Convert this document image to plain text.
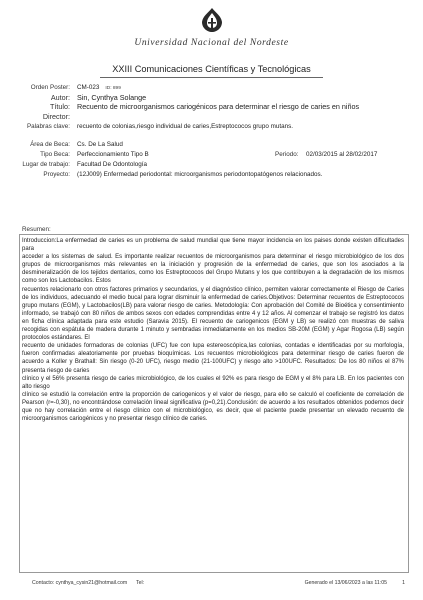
Universidad Nacional del Nordeste
XXIII Comunicaciones Científicas y Tecnológicas
Orden Poster: CM-023 ID: 899
Autor: Sin, Cynthya Solange
Título: Recuento de microorganismos cariogénicos para determinar el riesgo de caries en niños
Director:
Palabras clave: recuento de colonias,riesgo individual de caries,Estreptococos grupo mutans.
Área de Beca: Cs. De La Salud
Tipo Beca: Perfeccionamiento Tipo B	Periodo: 02/03/2015 al 28/02/2017
Lugar de trabajo: Facultad De Odontología
Proyecto: (12J009) Enfermedad periodontal: microorganismos periodontopatógenos relacionados.
Resumen:

Introduccion:La enfermedad de caries es un problema de salud mundial que tiene mayor incidencia en los paises donde existen dificultades para

acceder a los sistemas de salud. Es importante realizar recuentos de microorganismos para determinar el riesgo microbiológico de los dos grupos de microorganismos más relevantes en la iniciación y progresión de la enfermedad de caries, que son los asociados a la desmineralización de los tejidos dentarios, como los Estreptococos del Grupo Mutans y los que contribuyen a la degradación de los mismos como son los Lactobacilos. Estos

recuentos relacionarlo con otros factores primarios y secundarios, y el diagnóstico clínico, permiten valorar correctamente el Riesgo de Caries de los individuos, adecuando el medio bucal para lograr disminuir la enfermedad de caries.Objetivos: Determinar recuentos de Estreptococos grupo mutans (EGM), y Lactobacilos(LB) para valorar riesgo de caries. Metodología: Con aprobación del Comité de Bioética y consentimiento informado, se trabajó con 80 niños de ambos sexos con edades comprendidas entre 4 y 12 años. Al comenzar el trabajo se registró los datos en ficha clínica adaptada para este estudio (Saravia 2015). El recuento de cariogenicos (EGM y LB) se realizó con muestras de saliva recogidas con espátula de madera durante 1 minuto y sembradas inmediatamente en los medios SB-20M (EGM) y Agar Rogosa (LB) según protocolos estándares. El

recuento de unidades formadoras de colonias (UFC) fue con lupa estereoscópica,las colonias, contadas e identificadas por su morfología, fueron confirmadas aleatoriamente por pruebas bioquímicas. Los recuentos microbiológicos para determinar riesgo de caries fueron de acuerdo a Koller y Brathall: Sin riesgo (0-20 UFC), riesgo medio (21-100UFC) y riesgo alto >100UFC. Resultados: De los 80 niños el 87% presenta riesgo de caries

clínico y el 56% presenta riesgo de caries microbiológico, de los cuales el 92% es para riesgo de EGM y el 8% para LB. En los pacientes con alto riesgo

clínico se estudió la correlación entre la proporción de cariogenicos y el valor de riesgo, para ello se calculó el coeficiente de correlación de Pearson (r=-0,30), no encontrándose correlación lineal significativa (p=0,21).Conclusión: de acuerdo a los resultados obtenidos podemos decir que no hay correlación entre el riesgo clínico con el microbiológico, es decir, que el paciente puede presentar un elevado recuento de microorganismos cariogénicos y no presentar riesgo clínico de caries.

Contacto: cynthya_cysin21@hotmail.com Tel:	Generado el 13/06/2023 a las 11:05	1
